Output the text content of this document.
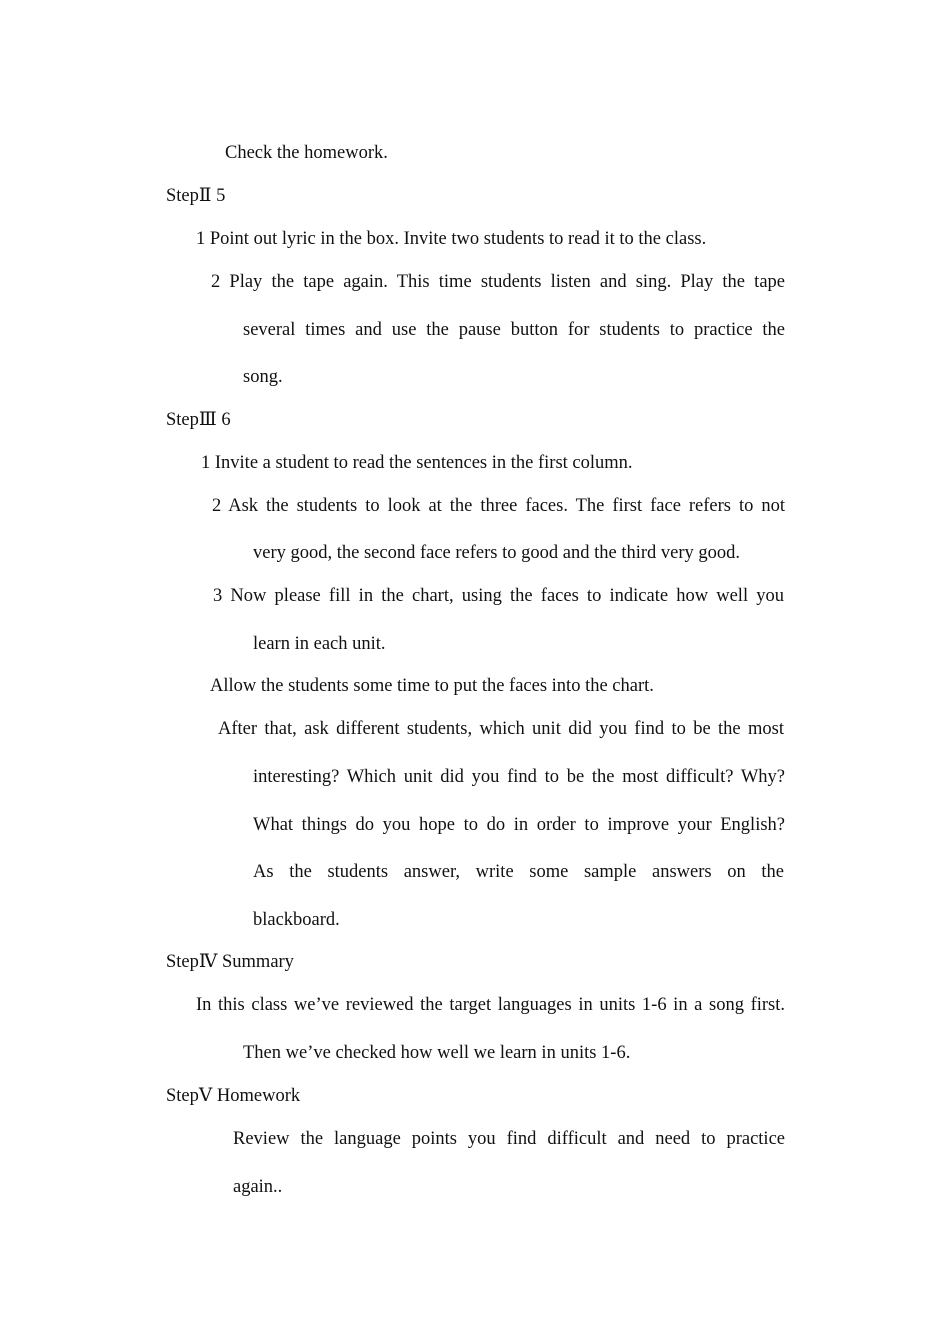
Check the homework.
StepⅡ 5
1 Point out lyric in the box. Invite two students to read it to the class.
2 Play the tape again. This time students listen and sing. Play the tape
several times and use the pause button for students to practice the
song.
StepⅢ 6
1 Invite a student to read the sentences in the first column.
2 Ask the students to look at the three faces. The first face refers to not
very good, the second face refers to good and the third very good.
3 Now please fill in the chart, using the faces to indicate how well you
learn in each unit.
Allow the students some time to put the faces into the chart.
After that, ask different students, which unit did you find to be the most
interesting? Which unit did you find to be the most difficult? Why?
What things do you hope to do in order to improve your English?
As the students answer, write some sample answers on the
blackboard.
StepⅣ Summary
In this class we’ve reviewed the target languages in units 1-6 in a song first.
Then we’ve checked how well we learn in units 1-6.
StepⅤ Homework
Review the language points you find difficult and need to practice
again..
